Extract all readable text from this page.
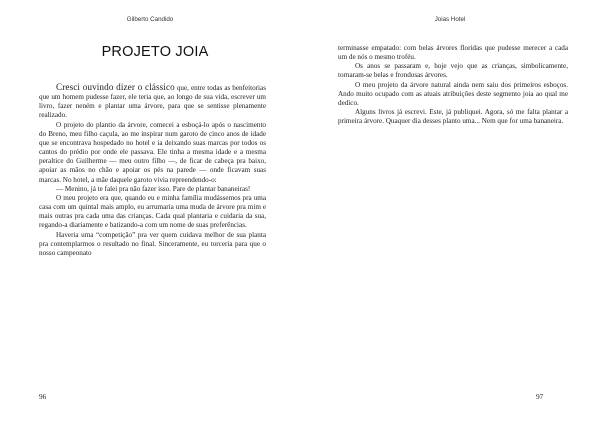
Gilberto Candido
PROJETO JOIA

Cresci ouvindo dizer o clássico que, entre todas as benfeitorias que um homem pudesse fazer, ele teria que, ao longo de sua vida, escrever um livro, fazer neném e plantar uma árvore, para que se sentisse plenamente realizado.

O projeto do plantio da árvore, comecei a esboçá-lo após o nascimento do Breno, meu filho caçula, ao me inspirar num garoto de cinco anos de idade que se encontrava hospedado no hotel e ia deixando suas marcas por todos os cantos do prédio por onde ele passava. Ele tinha a mesma idade e a mesma peraltice do Guilherme — meu outro filho —, de ficar de cabeça pra baixo, apoiar as mãos no chão e apoiar os pés na parede — onde ficavam suas marcas. No hotel, a mãe daquele garoto vivia repreendendo-o:

— Menino, já te falei pra não fazer isso. Pare de plantar bananeiras!

O meu projeto era que, quando eu e minha família mudássemos pra uma casa com um quintal mais amplo, eu arrumaria uma muda de árvore pra mim e mais outras pra cada uma das crianças. Cada qual plantaria e cuidaria da sua, regando-a diariamente e batizando-a com um nome de suas preferências.

Haveria uma “competição” pra ver quem cuidava melhor de sua planta pra contemplarmos o resultado no final. Sinceramente, eu torceria para que o nosso campeonato

96
Joias Hotel

terminasse empatado: com belas árvores floridas que pudesse merecer a cada um de nós o mesmo troféu.

Os anos se passaram e, hoje vejo que as crianças, simbolicamente, tornaram-se belas e frondosas árvores.

O meu projeto da árvore natural ainda nem saiu dos primeiros esboços. Ando muito ocupado com as atuais atribuições deste segmento joia ao qual me dedico.

Alguns livros já escrevi. Este, já publiquei. Agora, só me falta plantar a primeira árvore. Quaquer dia desses planto uma... Nem que for uma bananeira.

97
